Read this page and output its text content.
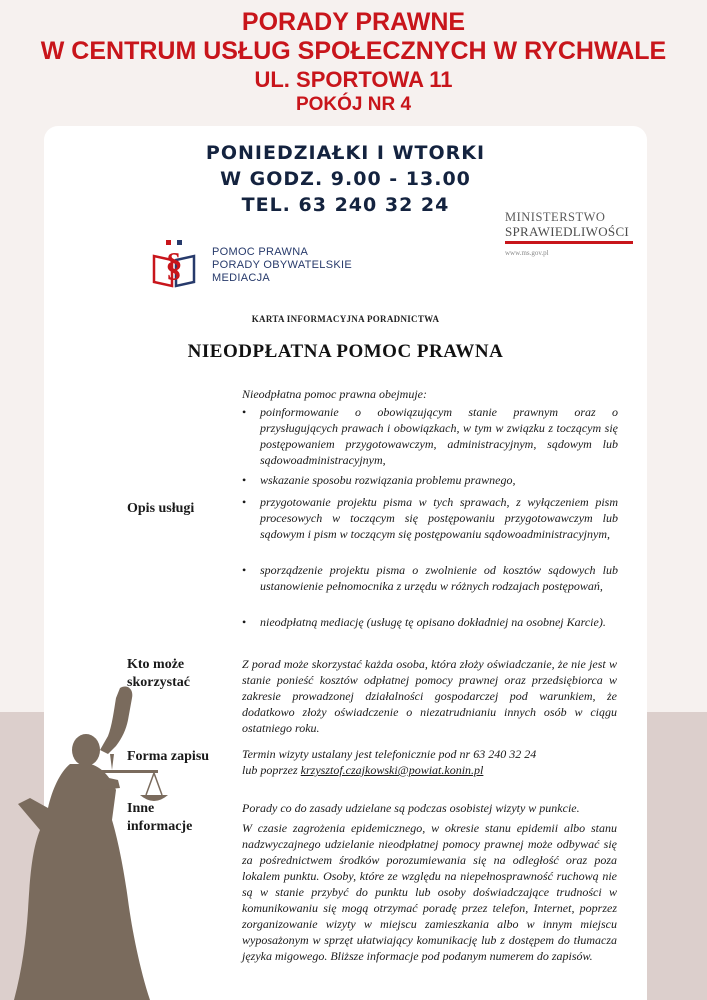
PORADY PRAWNE
W CENTRUM USŁUG SPOŁECZNYCH W RYCHWALE
UL. SPORTOWA 11
POKÓJ NR 4
PONIEDZIAŁKI I WTORKI
W GODZ. 9.00 - 13.00
TEL. 63 240 32 24
MINISTERSTWO
SPRAWIEDLIWOŚCI
www.ms.gov.pl
§	POMOC PRAWNA
PORADY OBYWATELSKIE
MEDIACJA
KARTA INFORMACYJNA PORADNICTWA
NIEODPŁATNA POMOC PRAWNA
Opis usługi
Nieodpłatna pomoc prawna obejmuje:
• poinformowanie o obowiązującym stanie prawnym oraz o przysługujących prawach i obowiązkach, w tym w związku z toczącym się postępowaniem przygotowawczym, administracyjnym, sądowym lub sądowoadministracyjnym,
• wskazanie sposobu rozwiązania problemu prawnego,
• przygotowanie projektu pisma w tych sprawach, z wyłączeniem pism procesowych w toczącym się postępowaniu przygotowawczym lub sądowym i pism w toczącym się postępowaniu sądowoadministracyjnym,
• sporządzenie projektu pisma o zwolnienie od kosztów sądowych lub ustanowienie pełnomocnika z urzędu w różnych rodzajach postępowań,
• nieodpłatną mediację (usługę tę opisano dokładniej na osobnej Karcie).
Kto może
skorzystać
Z porad może skorzystać każda osoba, która złoży oświadczanie, że nie jest w stanie ponieść kosztów odpłatnej pomocy prawnej oraz przedsiębiorca w zakresie prowadzonej działalności gospodarczej pod warunkiem, że dodatkowo złoży oświadczenie o niezatrudnianiu innych osób w ciągu ostatniego roku.
Forma zapisu	Termin wizyty ustalany jest telefonicznie pod nr 63 240 32 24
lub poprzez krzysztof.czajkowski@powiat.konin.pl
Inne
informacje
Porady co do zasady udzielane są podczas osobistej wizyty w punkcie.
W czasie zagrożenia epidemicznego, w okresie stanu epidemii albo stanu nadzwyczajnego udzielanie nieodpłatnej pomocy prawnej może odbywać się za pośrednictwem środków porozumiewania się na odległość oraz poza lokalem punktu. Osoby, które ze względu na niepełnosprawność ruchową nie są w stanie przybyć do punktu lub osoby doświadczające trudności w komunikowaniu się mogą otrzymać poradę przez telefon, Internet, poprzez zorganizowanie wizyty w miejscu zamieszkania albo w innym miejscu wyposażonym w sprzęt ułatwiający komunikację lub z dostępem do tłumacza języka migowego. Bliższe informacje pod podanym numerem do zapisów.
